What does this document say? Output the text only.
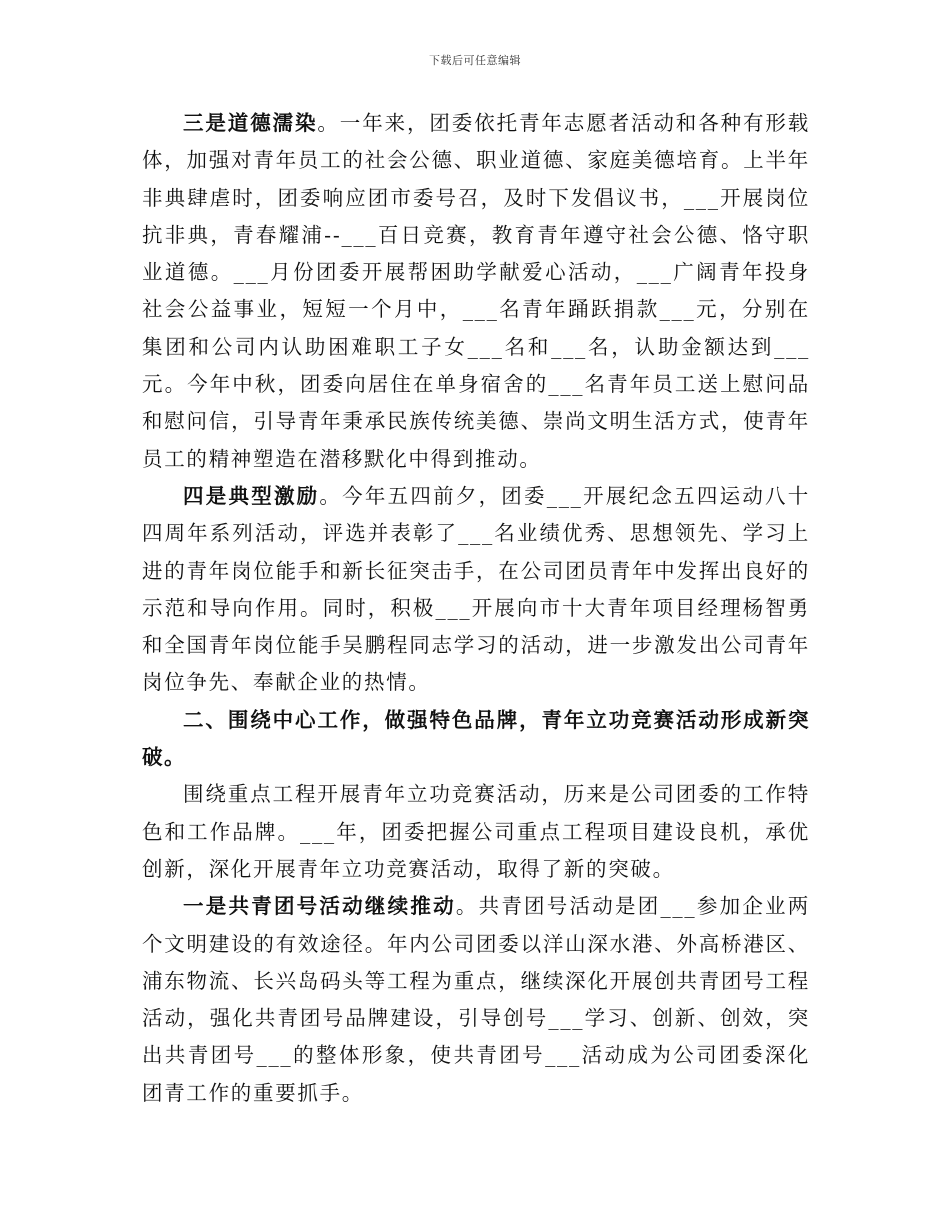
下载后可任意编辑

三是道德濡染。一年来，团委依托青年志愿者活动和各种有形载体，加强对青年员工的社会公德、职业道德、家庭美德培育。上半年非典肆虐时，团委响应团市委号召，及时下发倡议书，___开展岗位抗非典，青春耀浦--___百日竞赛，教育青年遵守社会公德、恪守职业道德。___月份团委开展帮困助学献爱心活动，___广阔青年投身社会公益事业，短短一个月中，___名青年踊跃捐款___元，分别在集团和公司内认助困难职工子女___名和___名，认助金额达到___元。今年中秋，团委向居住在单身宿舍的___名青年员工送上慰问品和慰问信，引导青年秉承民族传统美德、崇尚文明生活方式，使青年员工的精神塑造在潜移默化中得到推动。

四是典型激励。今年五四前夕，团委___开展纪念五四运动八十四周年系列活动，评选并表彰了___名业绩优秀、思想领先、学习上进的青年岗位能手和新长征突击手，在公司团员青年中发挥出良好的示范和导向作用。同时，积极___开展向市十大青年项目经理杨智勇和全国青年岗位能手吴鹏程同志学习的活动，进一步激发出公司青年岗位争先、奉献企业的热情。

二、围绕中心工作，做强特色品牌，青年立功竞赛活动形成新突破。

围绕重点工程开展青年立功竞赛活动，历来是公司团委的工作特色和工作品牌。___年，团委把握公司重点工程项目建设良机，承优创新，深化开展青年立功竞赛活动，取得了新的突破。

一是共青团号活动继续推动。共青团号活动是团___参加企业两个文明建设的有效途径。年内公司团委以洋山深水港、外高桥港区、浦东物流、长兴岛码头等工程为重点，继续深化开展创共青团号工程活动，强化共青团号品牌建设，引导创号___学习、创新、创效，突出共青团号___的整体形象，使共青团号___活动成为公司团委深化团青工作的重要抓手。
